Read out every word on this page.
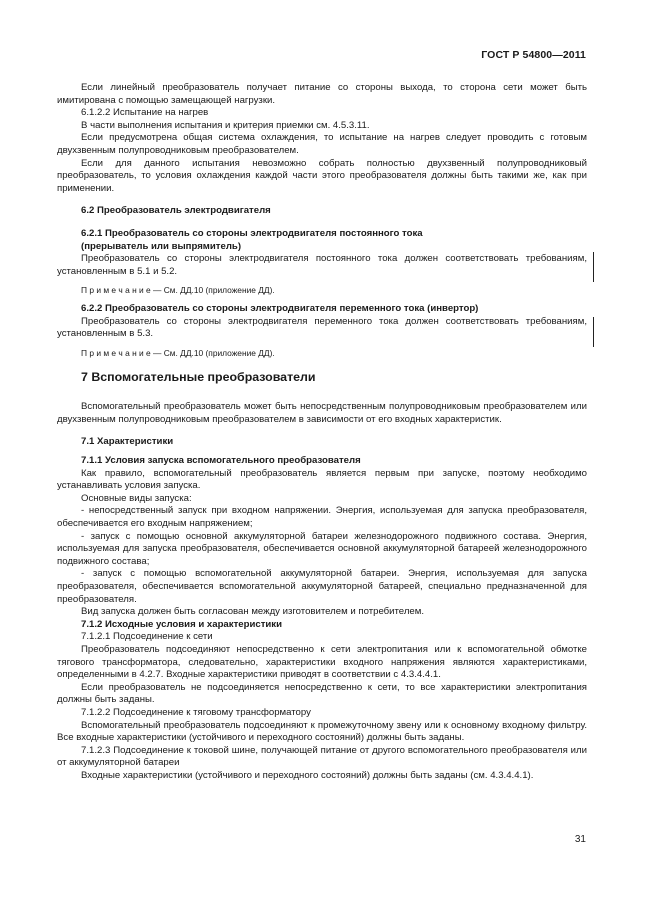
ГОСТ Р 54800—2011
Если линейный преобразователь получает питание со стороны выхода, то сторона сети может быть имитирована с помощью замещающей нагрузки.
6.1.2.2 Испытание на нагрев
В части выполнения испытания и критерия приемки см. 4.5.3.11.
Если предусмотрена общая система охлаждения, то испытание на нагрев следует проводить с готовым двухзвенным полупроводниковым преобразователем.
Если для данного испытания невозможно собрать полностью двухзвенный полупроводниковый преобразователь, то условия охлаждения каждой части этого преобразователя должны быть такими же, как при применении.
6.2 Преобразователь электродвигателя
6.2.1 Преобразователь со стороны электродвигателя постоянного тока
(прерыватель или выпрямитель)
Преобразователь со стороны электродвигателя постоянного тока должен соответствовать требованиям, установленным в 5.1 и 5.2.
П р и м е ч а н и е — См. ДД.10 (приложение ДД).
6.2.2 Преобразователь со стороны электродвигателя переменного тока (инвертор)
Преобразователь со стороны электродвигателя переменного тока должен соответствовать требованиям, установленным в 5.3.
П р и м е ч а н и е — См. ДД.10 (приложение ДД).
7 Вспомогательные преобразователи
Вспомогательный преобразователь может быть непосредственным полупроводниковым преобразователем или двухзвенным полупроводниковым преобразователем в зависимости от его входных характеристик.
7.1 Характеристики
7.1.1 Условия запуска вспомогательного преобразователя
Как правило, вспомогательный преобразователь является первым при запуске, поэтому необходимо устанавливать условия запуска.
Основные виды запуска:
- непосредственный запуск при входном напряжении. Энергия, используемая для запуска преобразователя, обеспечивается его входным напряжением;
- запуск с помощью основной аккумуляторной батареи железнодорожного подвижного состава. Энергия, используемая для запуска преобразователя, обеспечивается основной аккумуляторной батареей железнодорожного подвижного состава;
- запуск с помощью вспомогательной аккумуляторной батареи. Энергия, используемая для запуска преобразователя, обеспечивается вспомогательной аккумуляторной батареей, специально предназначенной для преобразователя.
Вид запуска должен быть согласован между изготовителем и потребителем.
7.1.2 Исходные условия и характеристики
7.1.2.1 Подсоединение к сети
Преобразователь подсоединяют непосредственно к сети электропитания или к вспомогательной обмотке тягового трансформатора, следовательно, характеристики входного напряжения являются характеристиками, определенными в 4.2.7. Входные характеристики приводят в соответствии с 4.3.4.4.1.
Если преобразователь не подсоединяется непосредственно к сети, то все характеристики электропитания должны быть заданы.
7.1.2.2 Подсоединение к тяговому трансформатору
Вспомогательный преобразователь подсоединяют к промежуточному звену или к основному входному фильтру. Все входные характеристики (устойчивого и переходного состояний) должны быть заданы.
7.1.2.3 Подсоединение к токовой шине, получающей питание от другого вспомогательного преобразователя или от аккумуляторной батареи
Входные характеристики (устойчивого и переходного состояний) должны быть заданы (см. 4.3.4.4.1).
31
